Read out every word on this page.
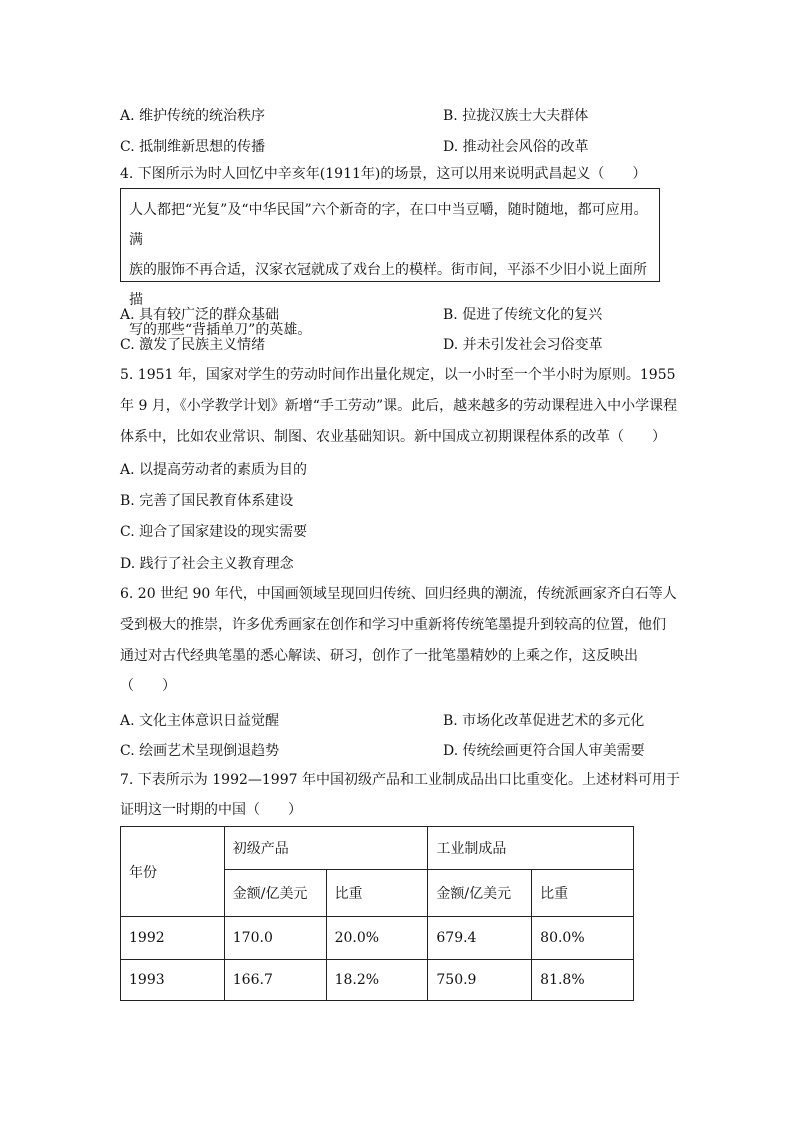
A. 维护传统的统治秩序	B. 拉拢汉族士大夫群体
C. 抵制维新思想的传播	D. 推动社会风俗的改革
4. 下图所示为时人回忆中辛亥年(1911年)的场景，这可以用来说明武昌起义（　　）
人人都把“光复”及“中华民国”六个新奇的字，在口中当豆嚼，随时随地，都可应用。满
族的服饰不再合适，汉家衣冠就成了戏台上的模样。街市间，平添不少旧小说上面所描
写的那些“背插单刀”的英雄。
A. 具有较广泛的群众基础	B. 促进了传统文化的复兴
C. 激发了民族主义情绪	D. 并未引发社会习俗变革
5. 1951 年，国家对学生的劳动时间作出量化规定，以一小时至一个半小时为原则。1955
年 9 月，《小学教学计划》新增“手工劳动”课。此后，越来越多的劳动课程进入中小学课程
体系中，比如农业常识、制图、农业基础知识。新中国成立初期课程体系的改革（　　）
A. 以提高劳动者的素质为目的
B. 完善了国民教育体系建设
C. 迎合了国家建设的现实需要
D. 践行了社会主义教育理念
6. 20 世纪 90 年代，中国画领域呈现回归传统、回归经典的潮流，传统派画家齐白石等人
受到极大的推崇，许多优秀画家在创作和学习中重新将传统笔墨提升到较高的位置，他们
通过对古代经典笔墨的悉心解读、研习，创作了一批笔墨精妙的上乘之作，这反映出
（　　）
A. 文化主体意识日益觉醒	B. 市场化改革促进艺术的多元化
C. 绘画艺术呈现倒退趋势	D. 传统绘画更符合国人审美需要
7. 下表所示为 1992—1997 年中国初级产品和工业制成品出口比重变化。上述材料可用于
证明这一时期的中国（　　）
年份	初级产品		工业制成品	
	金额/亿美元	比重	金额/亿美元	比重
1992	170.0	20.0%	679.4	80.0%
1993	166.7	18.2%	750.9	81.8%
